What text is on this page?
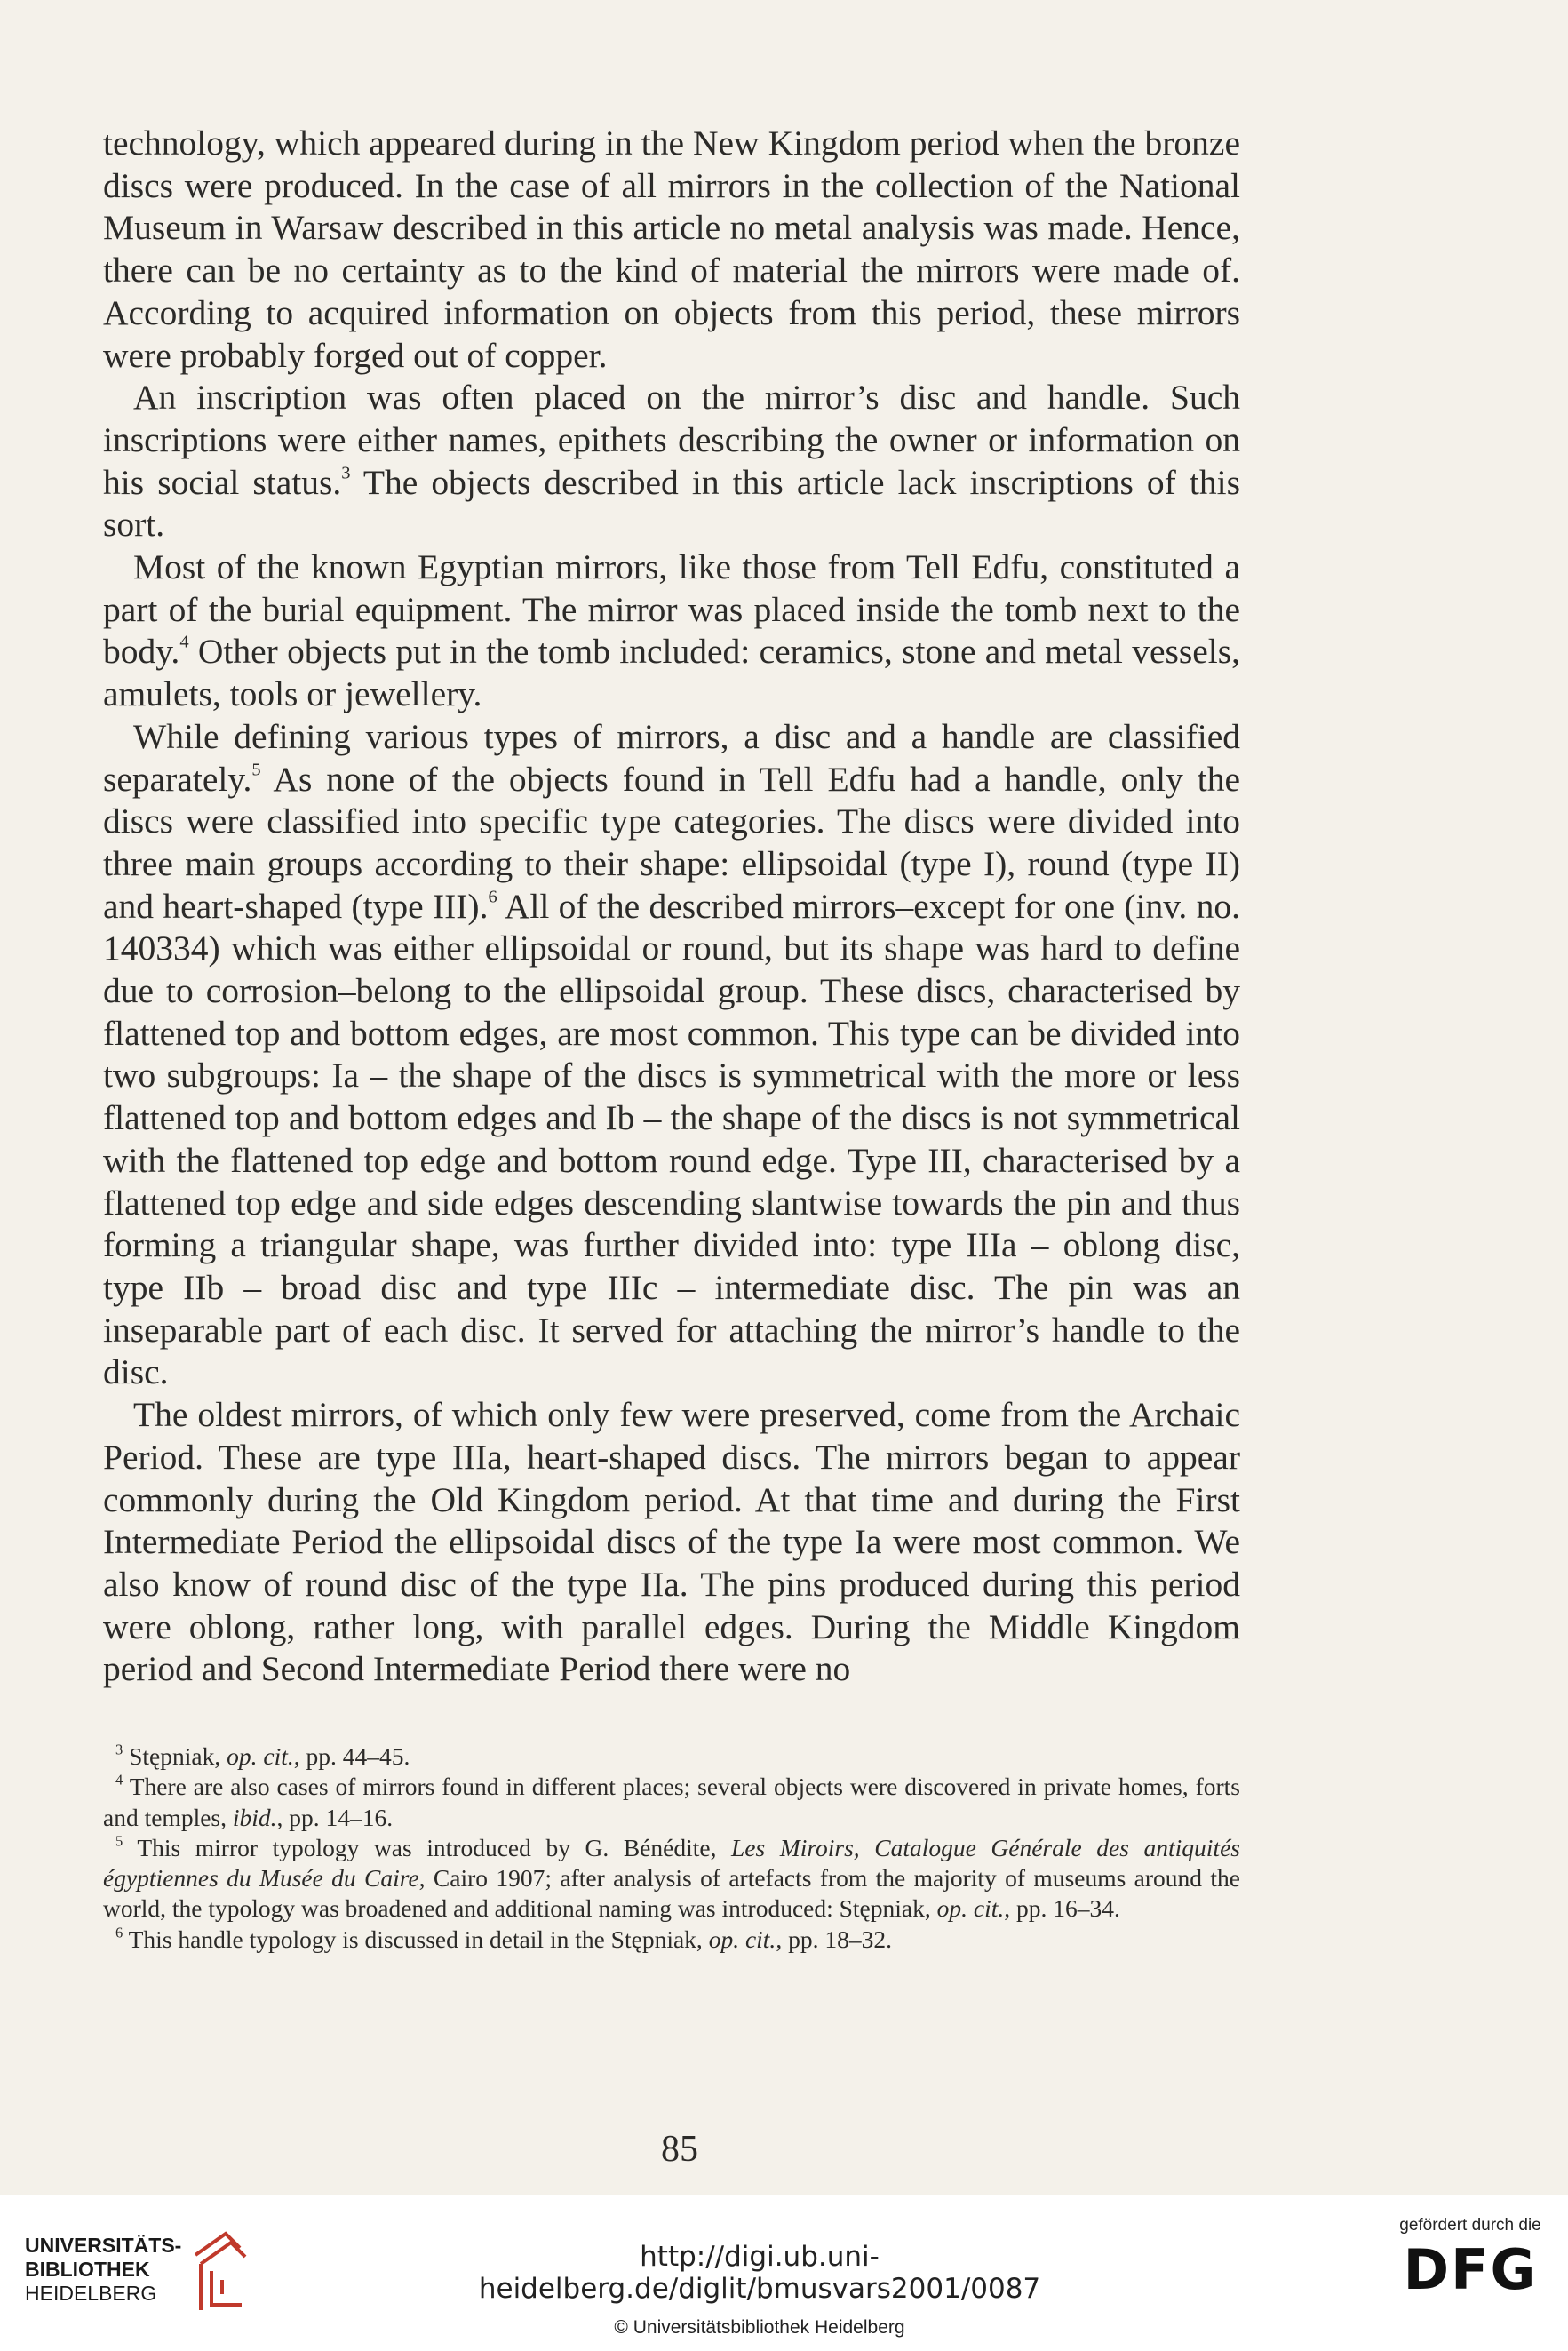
technology, which appeared during in the New Kingdom period when the bronze discs were produced. In the case of all mirrors in the collection of the National Museum in Warsaw described in this article no metal analysis was made. Hence, there can be no certainty as to the kind of material the mirrors were made of. According to acquired information on objects from this period, these mirrors were probably forged out of copper.

An inscription was often placed on the mirror’s disc and handle. Such inscriptions were either names, epithets describing the owner or information on his social status.$^3$ The objects described in this article lack inscriptions of this sort.

Most of the known Egyptian mirrors, like those from Tell Edfu, constituted a part of the burial equipment. The mirror was placed inside the tomb next to the body.$^4$ Other objects put in the tomb included: ceramics, stone and metal vessels, amulets, tools or jewellery.

While defining various types of mirrors, a disc and a handle are classified separately.$^5$ As none of the objects found in Tell Edfu had a handle, only the discs were classified into specific type categories. The discs were divided into three main groups according to their shape: ellipsoidal (type I), round (type II) and heart-shaped (type III).$^6$ All of the described mirrors–except for one (inv. no. 140334) which was either ellipsoidal or round, but its shape was hard to define due to corrosion–belong to the ellipsoidal group. These discs, characterised by flattened top and bottom edges, are most common. This type can be divided into two subgroups: Ia – the shape of the discs is symmetrical with the more or less flattened top and bottom edges and Ib – the shape of the discs is not symmetrical with the flattened top edge and bottom round edge. Type III, characterised by a flattened top edge and side edges descending slantwise towards the pin and thus forming a triangular shape, was further divided into: type IIIa – oblong disc, type IIb – broad disc and type IIIc – intermediate disc. The pin was an inseparable part of each disc. It served for attaching the mirror’s handle to the disc.

The oldest mirrors, of which only few were preserved, come from the Archaic Period. These are type IIIa, heart-shaped discs. The mirrors began to appear commonly during the Old Kingdom period. At that time and during the First Intermediate Period the ellipsoidal discs of the type Ia were most common. We also know of round disc of the type IIa. The pins produced during this period were oblong, rather long, with parallel edges. During the Middle Kingdom period and Second Intermediate Period there were no

$^3$ Stępniak, op. cit., pp. 44–45.

$^4$ There are also cases of mirrors found in different places; several objects were discovered in private homes, forts and temples, ibid., pp. 14–16.

$^5$ This mirror typology was introduced by G. Bénédite, Les Miroirs, Catalogue Générale des antiquités égyptiennes du Musée du Caire, Cairo 1907; after analysis of artefacts from the majority of museums around the world, the typology was broadened and additional naming was introduced: Stępniak, op. cit., pp. 16–34.

$^6$ This handle typology is discussed in detail in the Stępniak, op. cit., pp. 18–32.

85
UNIVERSITÄTS-
BIBLIOTHEK
HEIDELBERG
http://digi.ub.uni-heidelberg.de/diglit/bmusvars2001/0087
© Universitätsbibliothek Heidelberg
gefördert durch die
DFG
